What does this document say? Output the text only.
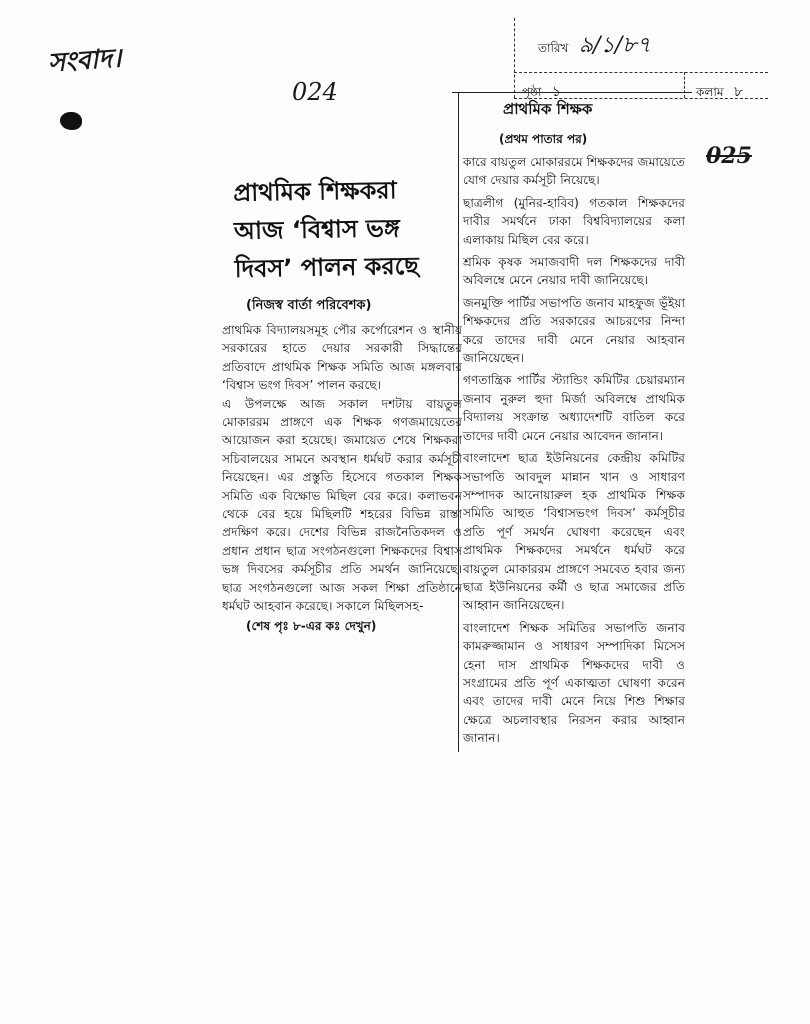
সংবাদ।
024
025
তারিখ ৯/১/৮৭
পৃষ্ঠা ১	কলাম ৮
প্রাথমিক শিক্ষকরা
আজ ‘বিশ্বাস ভঙ্গ
দিবস’ পালন করছে
(নিজস্ব বার্তা পরিবেশক)

প্রাথমিক বিদ্যালয়সমূহ পৌর কর্পোরেশন ও স্থানীয় সরকারের হাতে দেয়ার সরকারী সিদ্ধান্তের প্রতিবাদে প্রাথমিক শিক্ষক সমিতি আজ মঙ্গলবার ‘বিশ্বাস ভংগ দিবস’ পালন করছে।

এ উপলক্ষে আজ সকাল দশটায় বায়তুল মোকাররম প্রাঙ্গণে এক শিক্ষক গণজমায়েতের আয়োজন করা হয়েছে। জমায়েত শেষে শিক্ষকরা সচিবালয়ের সামনে অবস্থান ধর্মঘট করার কর্মসূচী নিয়েছেন। এর প্রস্তুতি হিসেবে গতকাল শিক্ষক সমিতি এক বিক্ষোভ মিছিল বের করে। কলাভবন থেকে বের হয়ে মিছিলটি শহরের বিভিন্ন রাস্তা প্রদক্ষিণ করে। দেশের বিভিন্ন রাজনৈতিকদল ও প্রধান প্রধান ছাত্র সংগঠনগুলো শিক্ষকদের বিশ্বাস ভঙ্গ দিবসের কর্মসূচীর প্রতি সমর্থন জানিয়েছে। ছাত্র সংগঠনগুলো আজ সকল শিক্ষা প্রতিষ্ঠানে ধর্মঘট আহবান করেছে। সকালে মিছিলসহ-

(শেষ পৃঃ ৮-এর কঃ দেখুন)
প্রাথমিক শিক্ষক
(প্রথম পাতার পর)

কারে বায়তুল মোকাররমে শিক্ষকদের জমায়েতে যোগ দেয়ার কর্মসূচী নিয়েছে।

ছাত্রলীগ (মুনির-হাবিব) গতকাল শিক্ষকদের দাবীর সমর্থনে ঢাকা বিশ্ববিদ্যালয়ের কলা এলাকায় মিছিল বের করে।

শ্রমিক কৃষক সমাজবাদী দল শিক্ষকদের দাবী অবিলম্বে মেনে নেয়ার দাবী জানিয়েছে।

জনমুক্তি পার্টির সভাপতি জনাব মাহফুজ ভূঁইয়া শিক্ষকদের প্রতি সরকারের আচরণের নিন্দা করে তাদের দাবী মেনে নেয়ার আহবান জানিয়েছেন।

গণতান্ত্রিক পার্টির স্ট্যান্ডিং কমিটির চেয়ারম্যান জনাব নুরুল হুদা মির্জা অবিলম্বে প্রাথমিক বিদ্যালয় সংক্রান্ত অধ্যাদেশটি বাতিল করে তাদের দাবী মেনে নেয়ার আবেদন জানান।

বাংলাদেশ ছাত্র ইউনিয়নের কেন্দ্রীয় কমিটির সভাপতি আবদুল মান্নান খান ও সাধারণ সম্পাদক আনোয়ারুল হক প্রাথমিক শিক্ষক সমিতি আহুত ‘বিশ্বাসভংগ দিবস’ কর্মসূচীর প্রতি পূর্ণ সমর্থন ঘোষণা করেছেন এবং প্রাথমিক শিক্ষকদের সমর্থনে ধর্মঘট করে বায়তুল মোকাররম প্রাঙ্গণে সমবেত হবার জন্য ছাত্র ইউনিয়নের কর্মী ও ছাত্র সমাজের প্রতি আহ্বান জানিয়েছেন।

বাংলাদেশ শিক্ষক সমিতির সভাপতি জনাব কামরুজ্জামান ও সাধারণ সম্পাদিকা মিসেস হেনা দাস প্রাথমিক শিক্ষকদের দাবী ও সংগ্রামের প্রতি পূর্ণ একাত্মতা ঘোষণা করেন এবং তাদের দাবী মেনে নিয়ে শিশু শিক্ষার ক্ষেত্রে অচলাবস্থার নিরসন করার আহ্বান জানান।
